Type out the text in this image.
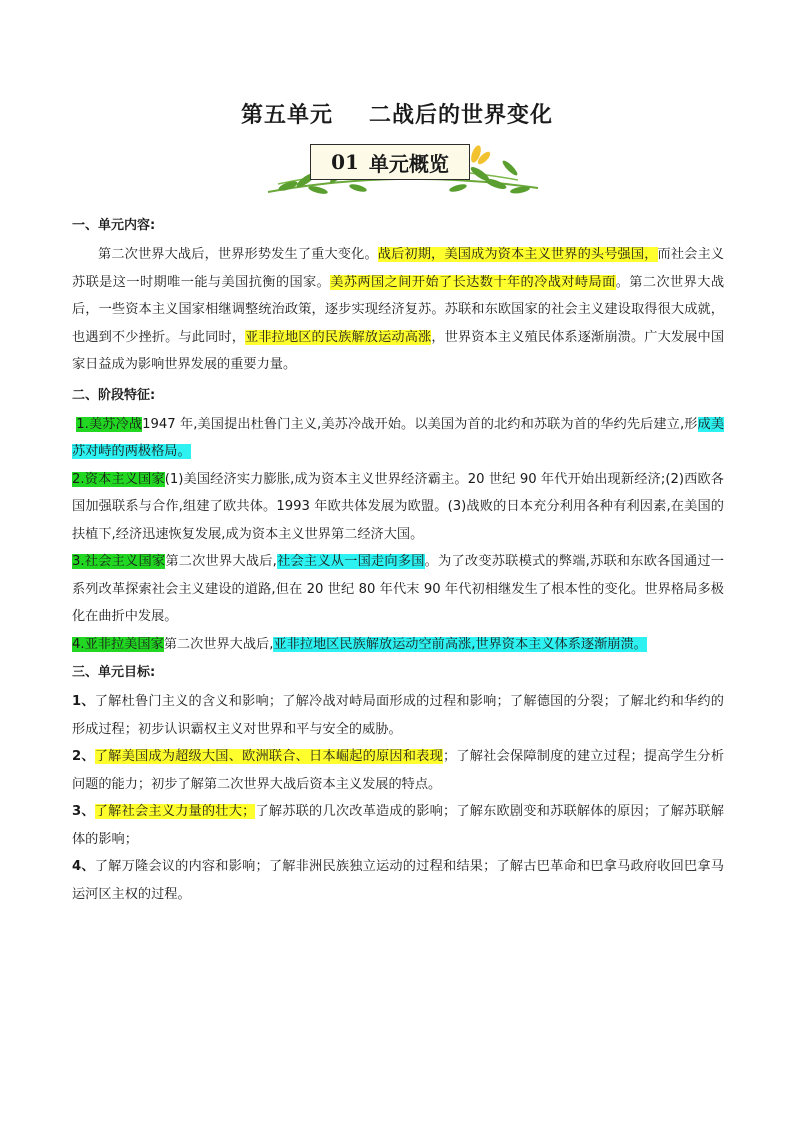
第五单元 二战后的世界变化
01 单元概览

一、单元内容:

第二次世界大战后，世界形势发生了重大变化。战后初期，美国成为资本主义世界的头号强国，而社会主义苏联是这一时期唯一能与美国抗衡的国家。美苏两国之间开始了长达数十年的冷战对峙局面。第二次世界大战后，一些资本主义国家相继调整统治政策，逐步实现经济复苏。苏联和东欧国家的社会主义建设取得很大成就，也遇到不少挫折。与此同时，亚非拉地区的民族解放运动高涨，世界资本主义殖民体系逐渐崩溃。广大发展中国家日益成为影响世界发展的重要力量。

二、阶段特征:

1.美苏冷战1947 年,美国提出杜鲁门主义,美苏冷战开始。以美国为首的北约和苏联为首的华约先后建立,形成美苏对峙的两极格局。

2.资本主义国家(1)美国经济实力膨胀,成为资本主义世界经济霸主。20 世纪 90 年代开始出现新经济;(2)西欧各国加强联系与合作,组建了欧共体。1993 年欧共体发展为欧盟。(3)战败的日本充分利用各种有利因素,在美国的扶植下,经济迅速恢复发展,成为资本主义世界第二经济大国。

3.社会主义国家第二次世界大战后,社会主义从一国走向多国。为了改变苏联模式的弊端,苏联和东欧各国通过一系列改革探索社会主义建设的道路,但在 20 世纪 80 年代末 90 年代初相继发生了根本性的变化。世界格局多极化在曲折中发展。

4.亚非拉美国家第二次世界大战后,亚非拉地区民族解放运动空前高涨,世界资本主义体系逐渐崩溃。

三、单元目标:

1、了解杜鲁门主义的含义和影响；了解冷战对峙局面形成的过程和影响；了解德国的分裂；了解北约和华约的形成过程；初步认识霸权主义对世界和平与安全的威胁。

2、了解美国成为超级大国、欧洲联合、日本崛起的原因和表现；了解社会保障制度的建立过程；提高学生分析问题的能力；初步了解第二次世界大战后资本主义发展的特点。

3、了解社会主义力量的壮大；了解苏联的几次改革造成的影响；了解东欧剧变和苏联解体的原因；了解苏联解体的影响；

4、了解万隆会议的内容和影响；了解非洲民族独立运动的过程和结果；了解古巴革命和巴拿马政府收回巴拿马运河区主权的过程。
